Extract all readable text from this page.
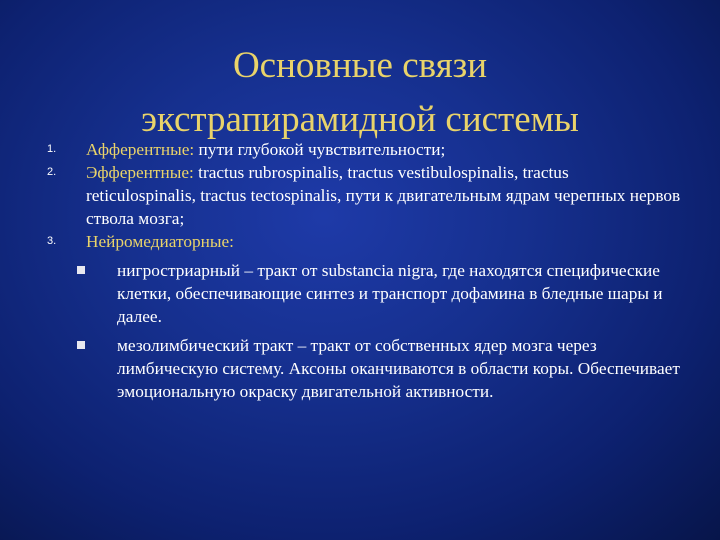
Основные связи
экстрапирамидной системы
1. Афферентные: пути глубокой чувствительности;
2. Эфферентные: tractus rubrospinalis, tractus vestibulospinalis, tractus reticulospinalis, tractus tectospinalis, пути к двигательным ядрам черепных нервов ствола мозга;
3. Нейромедиаторные:
нигростриарный – тракт от substancia nigra, где находятся специфические клетки, обеспечивающие синтез и транспорт дофамина в бледные шары и далее.
мезолимбический тракт – тракт от собственных ядер мозга через лимбическую систему. Аксоны оканчиваются в области коры. Обеспечивает эмоциональную окраску двигательной активности.
